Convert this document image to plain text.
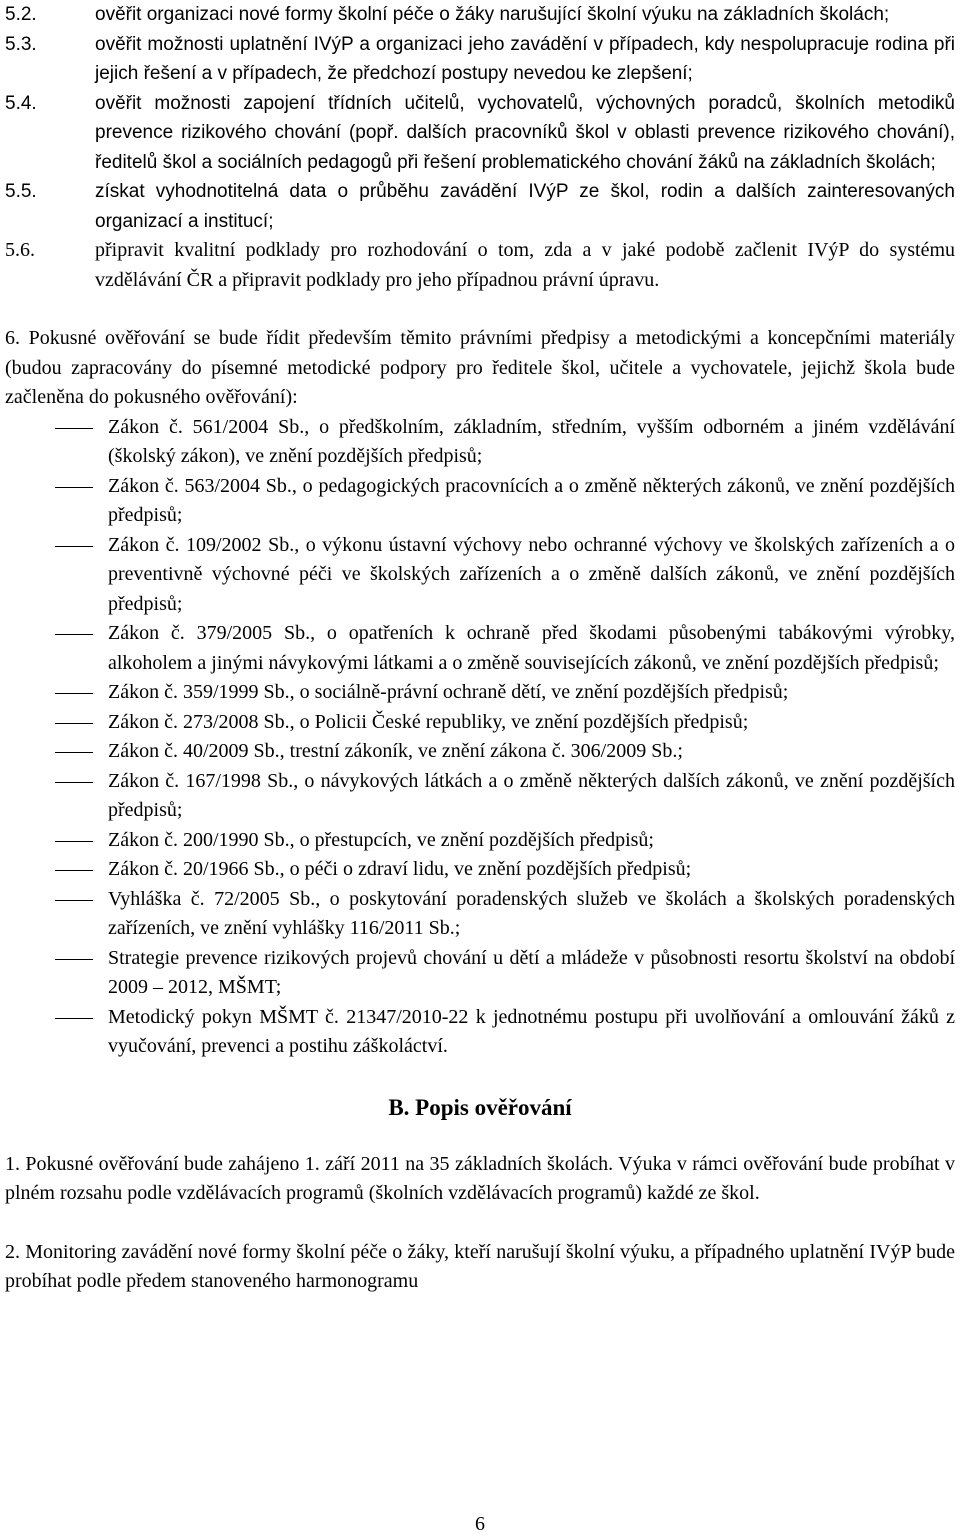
5.2.	ověřit organizaci nové formy školní péče o žáky narušující školní výuku na základních školách;
5.3.	ověřit možnosti uplatnění IVýP a organizaci jeho zavádění v případech, kdy nespolupracuje rodina při jejich řešení a v případech, že předchozí postupy nevedou ke zlepšení;
5.4.	ověřit možnosti zapojení třídních učitelů, vychovatelů, výchovných poradců, školních metodiků prevence rizikového chování (popř. dalších pracovníků škol v oblasti prevence rizikového chování), ředitelů škol a sociálních pedagogů při řešení problematického chování žáků na základních školách;
5.5.	získat vyhodnotitelná data o průběhu zavádění IVýP ze škol, rodin a dalších zainteresovaných organizací a institucí;
5.6.	připravit kvalitní podklady pro rozhodování o tom, zda a v jaké podobě začlenit IVýP do systému vzdělávání ČR a připravit podklady pro jeho případnou právní úpravu.
6. Pokusné ověřování se bude řídit především těmito právními předpisy a metodickými a koncepčními materiály (budou zapracovány do písemné metodické podpory pro ředitele škol, učitele a vychovatele, jejichž škola bude začleněna do pokusného ověřování):
Zákon č. 561/2004 Sb., o předškolním, základním, středním, vyšším odborném a jiném vzdělávání (školský zákon), ve znění pozdějších předpisů;
Zákon č. 563/2004 Sb., o pedagogických pracovnících a o změně některých zákonů, ve znění pozdějších předpisů;
Zákon č. 109/2002 Sb., o výkonu ústavní výchovy nebo ochranné výchovy ve školských zařízeních a o preventivně výchovné péči ve školských zařízeních a o změně dalších zákonů, ve znění pozdějších předpisů;
Zákon č. 379/2005 Sb., o opatřeních k ochraně před škodami působenými tabákovými výrobky, alkoholem a jinými návykovými látkami a o změně souvisejících zákonů, ve znění pozdějších předpisů;
Zákon č. 359/1999 Sb., o sociálně-právní ochraně dětí, ve znění pozdějších předpisů;
Zákon č. 273/2008 Sb., o Policii České republiky, ve znění pozdějších předpisů;
Zákon č. 40/2009 Sb., trestní zákoník, ve znění zákona č. 306/2009 Sb.;
Zákon č. 167/1998 Sb., o návykových látkách a o změně některých dalších zákonů, ve znění pozdějších předpisů;
Zákon č. 200/1990 Sb., o přestupcích, ve znění pozdějších předpisů;
Zákon č. 20/1966 Sb., o péči o zdraví lidu, ve znění pozdějších předpisů;
Vyhláška č. 72/2005 Sb., o poskytování poradenských služeb ve školách a školských poradenských zařízeních, ve znění vyhlášky 116/2011 Sb.;
Strategie prevence rizikových projevů chování u dětí a mládeže v působnosti resortu školství na období 2009 – 2012, MŠMT;
Metodický pokyn MŠMT č. 21347/2010-22 k jednotnému postupu při uvolňování a omlouvání žáků z vyučování, prevenci a postihu záškoláctví.
B. Popis ověřování
1. Pokusné ověřování bude zahájeno 1. září 2011 na 35 základních školách. Výuka v rámci ověřování bude probíhat v plném rozsahu podle vzdělávacích programů (školních vzdělávacích programů) každé ze škol.
2. Monitoring zavádění nové formy školní péče o žáky, kteří narušují školní výuku, a případného uplatnění IVýP bude probíhat podle předem stanoveného harmonogramu
6
